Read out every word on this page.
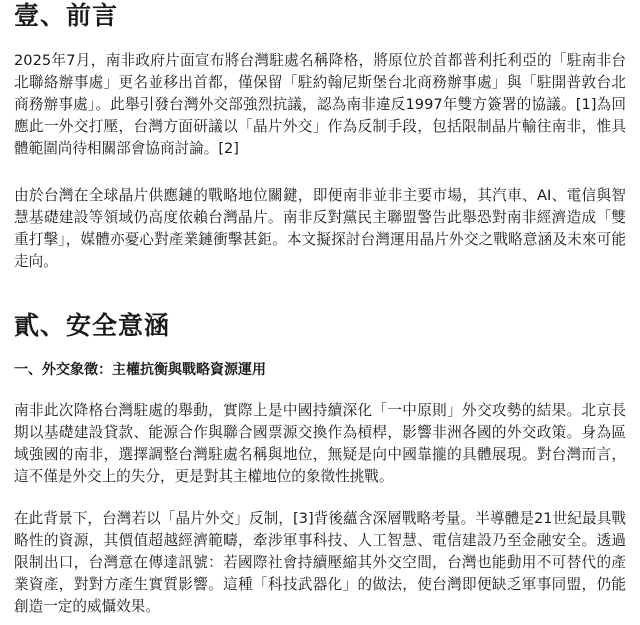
壹、前言

2025年7月，南非政府片面宣布將台灣駐處名稱降格，將原位於首都普利托利亞的「駐南非台北聯絡辦事處」更名並移出首都，僅保留「駐約翰尼斯堡台北商務辦事處」與「駐開普敦台北商務辦事處」。此舉引發台灣外交部強烈抗議，認為南非違反1997年雙方簽署的協議。[1]為回應此一外交打壓，台灣方面研議以「晶片外交」作為反制手段，包括限制晶片輸往南非，惟具體範圍尚待相關部會協商討論。[2]

由於台灣在全球晶片供應鏈的戰略地位關鍵，即便南非並非主要市場，其汽車、AI、電信與智慧基礎建設等領域仍高度依賴台灣晶片。南非反對黨民主聯盟警告此舉恐對南非經濟造成「雙重打擊」，媒體亦憂心對產業鏈衝擊甚鉅。本文擬探討台灣運用晶片外交之戰略意涵及未來可能走向。

貳、安全意涵
一、外交象徵：主權抗衡與戰略資源運用

南非此次降格台灣駐處的舉動，實際上是中國持續深化「一中原則」外交攻勢的結果。北京長期以基礎建設貸款、能源合作與聯合國票源交換作為槓桿，影響非洲各國的外交政策。身為區域強國的南非，選擇調整台灣駐處名稱與地位，無疑是向中國靠攏的具體展現。對台灣而言，這不僅是外交上的失分，更是對其主權地位的象徵性挑戰。

在此背景下，台灣若以「晶片外交」反制，[3]背後蘊含深層戰略考量。半導體是21世紀最具戰略性的資源，其價值超越經濟範疇，牽涉軍事科技、人工智慧、電信建設乃至金融安全。透過限制出口，台灣意在傳達訊號：若國際社會持續壓縮其外交空間，台灣也能動用不可替代的產業資產，對對方產生實質影響。這種「科技武器化」的做法，使台灣即便缺乏軍事同盟，仍能創造一定的威懾效果。
